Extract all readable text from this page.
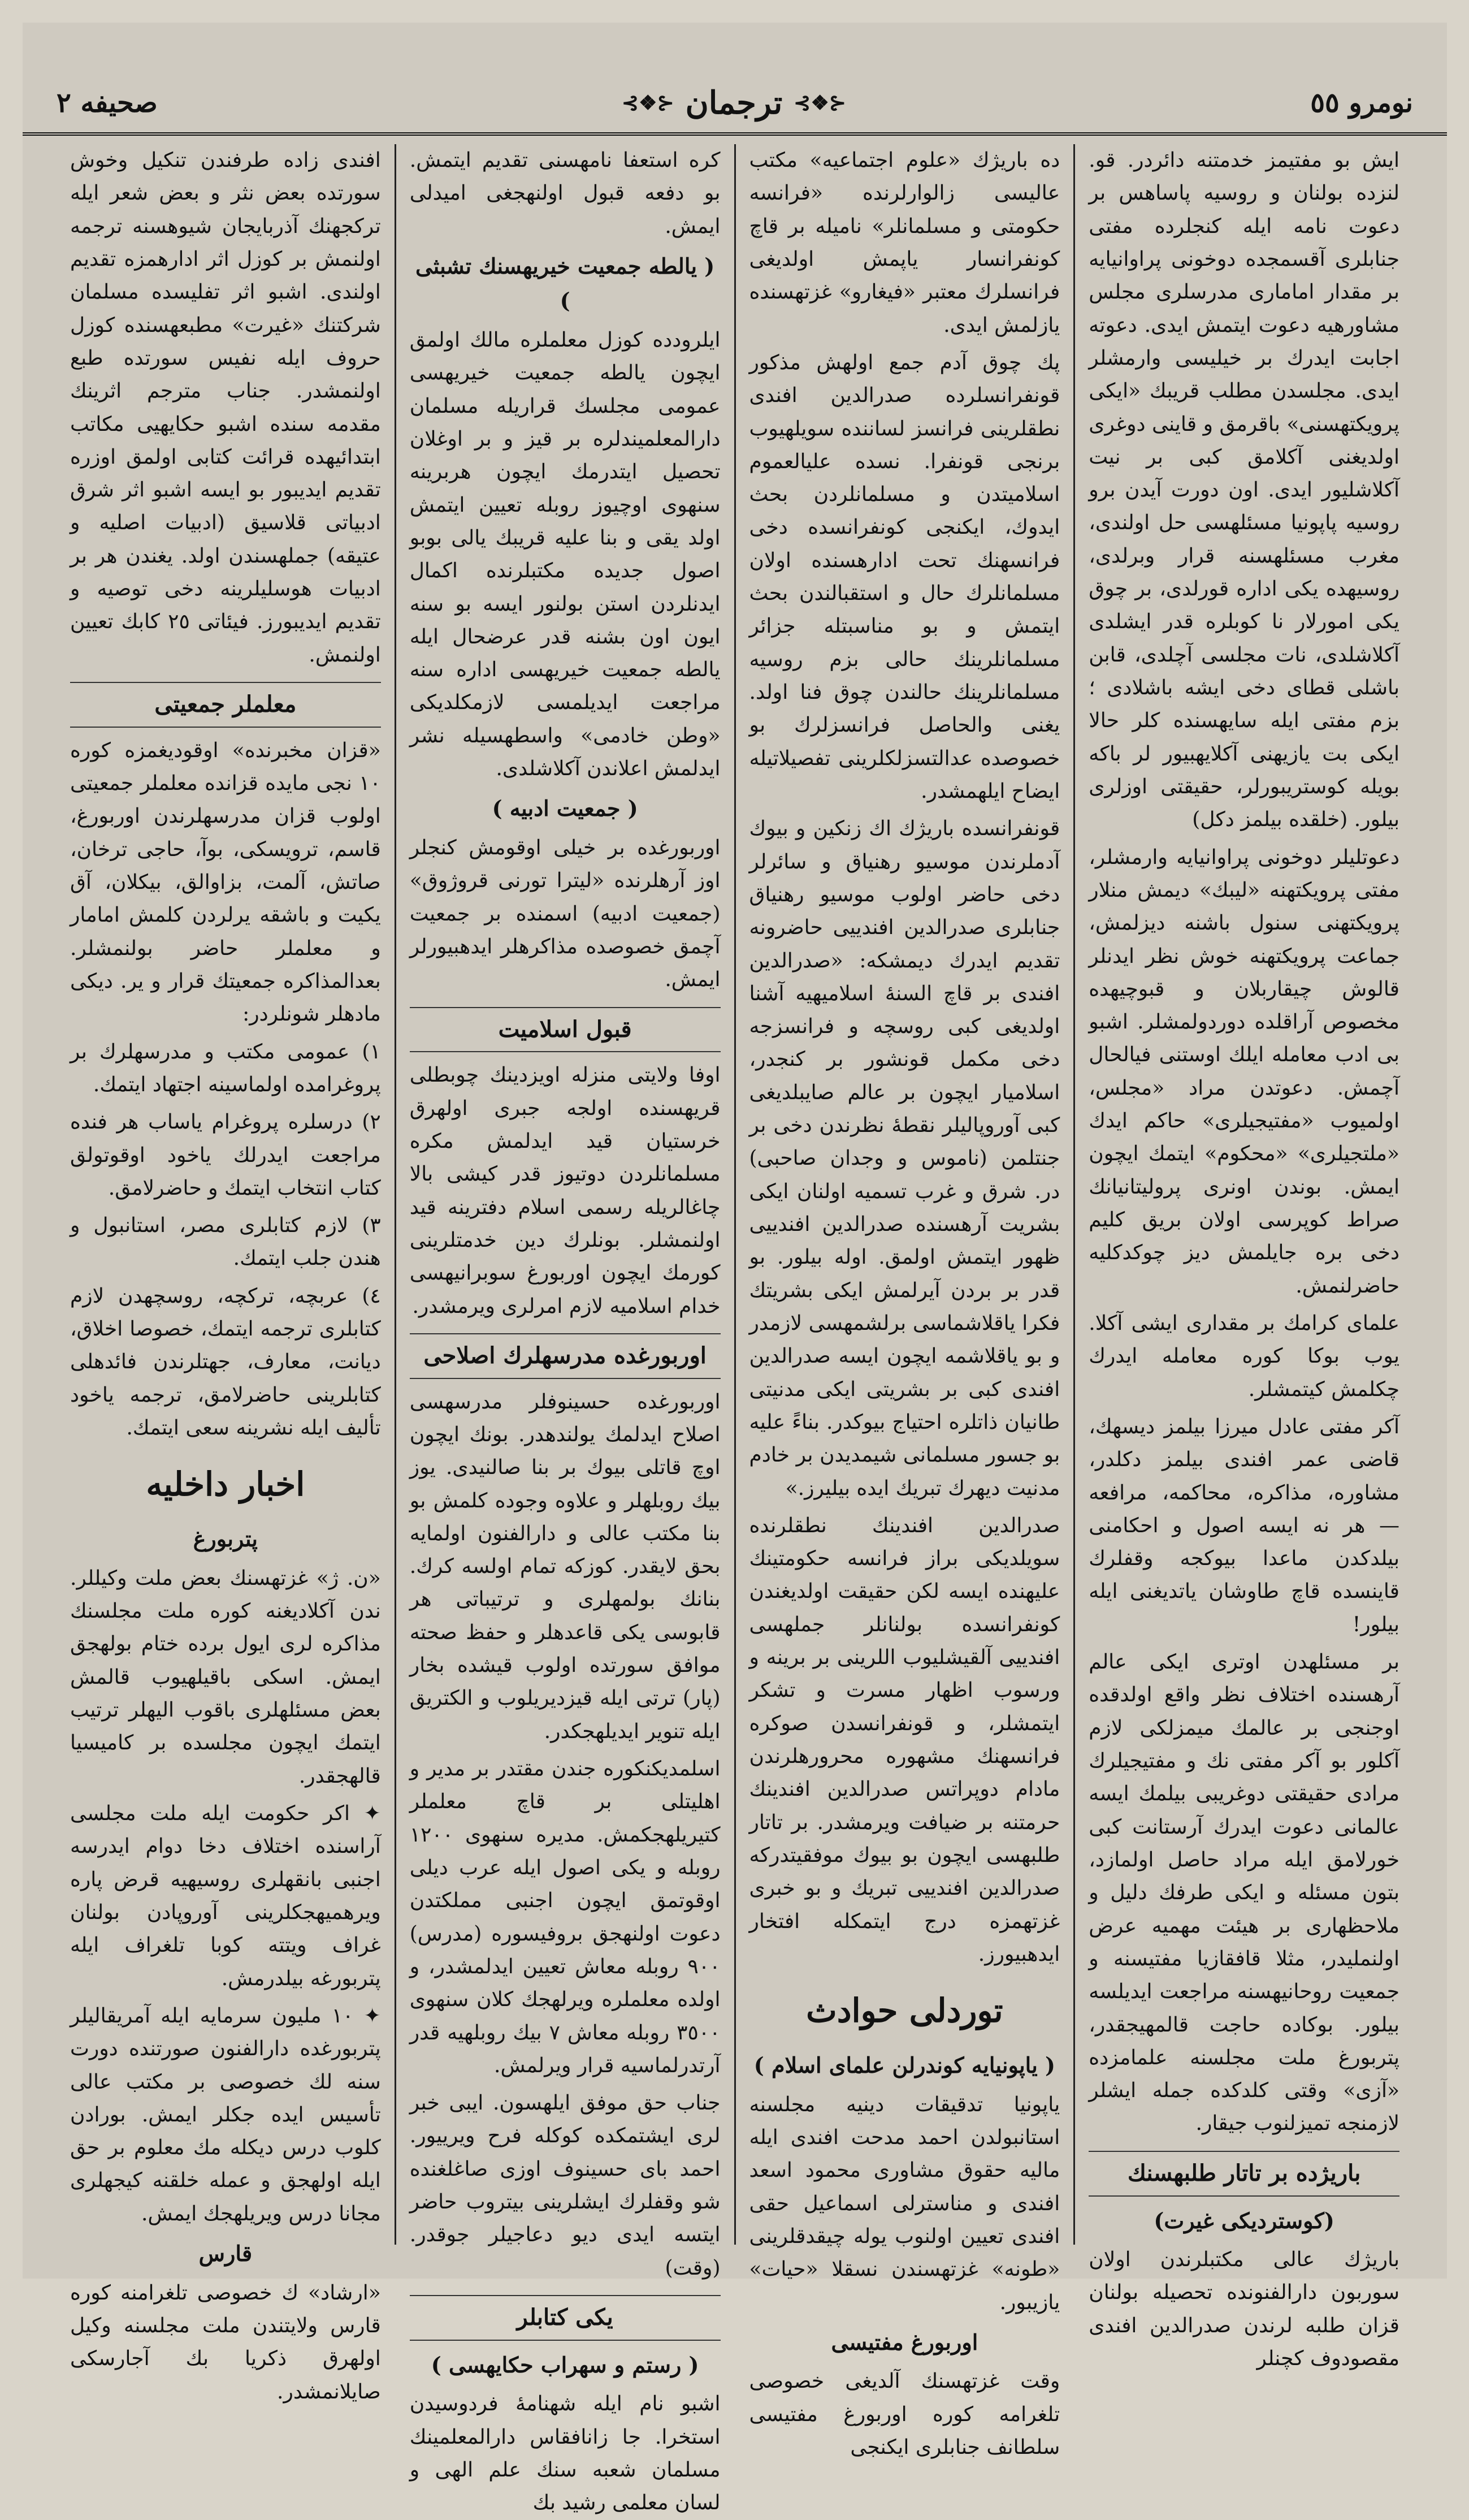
صحیفه ٢	⊰❖⊱
ترجمان
⊰❖⊱	نومرو ٥٥

ایش بو مفتیمز خدمتنه دائردر. قو. لنزده بولنان و روسیه پاساهس بر دعوت نامه ایله کنجلرده مفتی جنابلری آقسمجده دوخونی پراوانیایه بر مقدار امامارى مدرسلرى مجلس مشاورهیه دعوت ایتمش ایدی. دعوته اجابت ایدرك بر خیلیسی وارمشلر ایدی. مجلسدن مطلب قریبك «ایکی پرویکتهسنی» باقرمق و قاینی دوغری اولدیغنی آکلامق کبی بر نیت آکلاشلیور ایدی. اون دورت آیدن برو روسیه پاپونیا مسئلهسی حل اولندی، مغرب مسئلهسنه قرار وبرلدی، روسیهده یکی اداره قورلدی، بر چوق یکی امورلار نا کوبلره قدر ایشلدی آکلاشلدی، نات مجلسی آچلدی، قابن باشلی قطای دخی ایشه باشلادی ؛ بزم مفتی ایله سایهسنده کلر حالا ایکی بت یازیهنی آکلایهبیور لر باکه بویله کوستریبورلر، حقیقتی اوزلری بیلور. (خلقده بیلمز دکل)

دعوتلیلر دوخونی پراوانیایه وارمشلر، مفتی پرویکتهنه «لیبك» دیمش منلار پرویکتهنی سنول باشنه دیزلمش، جماعت پرویکتهنه خوش نظر ایدنلر قالوش چیقاربلان و قبوچیهده مخصوص آراقلده دوردولمشلر. اشبو بی ادب معامله ایلك اوستنی فیالحال آچمش. دعوتدن مراد «مجلس، اولمیوب «مفتیجیلری» حاکم ایدك «ملتجیلری» «محکوم» ایتمك ایچون ایمش. بوندن اونری پرولیتانیانك صراط کوپرسی اولان بریق کلیم دخی بره جایلمش دیز چوکدکلیه حاضرلنمش.

علمای کرامك بر مقداری ایشی آکلا. یوب بوکا کوره معامله ایدرك چکلمش کیتمشلر.

آکر مفتی عادل میرزا بیلمز دیسهك، قاضی عمر افندی بیلمز دکلدر، مشاوره، مذاکره، محاکمه، مرافعه — هر نه ایسه اصول و احکامنی بیلدکدن ماعدا بیوکجه وقفلرك قاینسده قاچ طاوشان یاتدیغنی ایله بیلور!

بر مسئلهدن اوتری ایکی عالم آرهسنده اختلاف نظر واقع اولدقده اوجنجی بر عالمك میمزلکی لازم آکلور بو آکر مفتی نك و مفتیجیلرك مرادی حقیقتی دوغریبی بیلمك ایسه عالمانی دعوت ایدرك آرستانت کبی خورلامق ایله مراد حاصل اولمازد، بتون مسئله و ایکی طرفك دلیل و ملاحظهاری بر هیئت مهمیه عرض اولنملیدر، مثلا قافقازیا مفتیسنه و جمعیت روحانیهسنه مراجعت ایدیلسه بیلور. بوکاده حاجت قالمهیجقدر، پتربورغ ملت مجلسنه علمامزده «آزی» وقتی کلدکده جمله ایشلر لازمنجه تمیزلنوب جیقار.

باریژده بر تاتار طلبهسنك
(کوستردیکی غیرت)

باریژك عالی مکتبلرندن اولان سوربون دارالفنونده تحصیله بولنان قزان طلبه لرندن صدرالدین افندی مقصودوف کچنلر

ده باریژك «علوم اجتماعیه» مکتب عالیسی زالوارلرنده «فرانسه حکومتی و مسلمانلر» نامیله بر قاچ کونفرانسار یاپمش اولدیغی فرانسلرك معتبر «فیغارو» غزتهسنده یازلمش ایدی.

پك چوق آدم جمع اولهش مذکور قونفرانسلرده صدرالدین افندی نطقلرینی فرانسز لساننده سویلهیوب برنجی قونفرا. نسده علیالعموم اسلامیتدن و مسلمانلردن بحث ایدوك، ایکنجی کونفرانسده دخی فرانسهنك تحت ادارهسنده اولان مسلمانلرك حال و استقبالندن بحث ایتمش و بو مناسبتله جزائر مسلمانلرینك حالی بزم روسیه مسلمانلرینك حالندن چوق فنا اولد. یغنی والحاصل فرانسزلرك بو خصوصده عدالتسزلکلرینی تفصیلاتیله ایضاح ایلهمشدر.

قونفرانسده باریژك اك زنکین و بیوك آدملرندن موسیو رهنیاق و سائرلر دخی حاضر اولوب موسیو رهنیاق جنابلری صدرالدین افندییی حاضرونه تقدیم ایدرك دیمشکه: «صدرالدین افندی بر قاچ السنهٔ اسلامیهیه آشنا اولدیغی کبی روسچه و فرانسزجه دخی مکمل قونشور بر کنجدر، اسلامیار ایچون بر عالم صایبلدیغی کبی آوروپالیلر نقطهٔ نظرندن دخی بر جنتلمن (ناموس و وجدان صاحبی) در. شرق و غرب تسمیه اولنان ایکی بشریت آرهسنده صدرالدین افندییی ظهور ایتمش اولمق. اوله بیلور. بو قدر بر بردن آیرلمش ایکی بشریتك فکرا یاقلاشماسی برلشمهسی لازمدر و بو یاقلاشمه ایچون ایسه صدرالدین افندی کبی بر بشریتی ایکی مدنیتی طانیان ذاتلره احتیاج بیوکدر. بناءً علیه بو جسور مسلمانی شیمدیدن بر خادم مدنیت دیهرك تبریك ایده بیلیرز.»

صدرالدین افندینك نطقلرنده سویلدیکی براز فرانسه حکومتینك علیهنده ایسه لکن حقیقت اولدیغندن کونفرانسده بولنانلر جملهسی افندییی آلقیشلیوب اللرینی بر برینه و ورسوب اظهار مسرت و تشکر ایتمشلر، و قونفرانسدن صوکره فرانسهنك مشهوره محرورهلرندن مادام دوپراتس صدرالدین افندینك حرمتنه بر ضیافت ویرمشدر. بر تاتار طلبهسی ایچون بو بیوك موفقیتدرکه صدرالدین افندییی تبریك و بو خبری غزتهمزه درج ایتمکله افتخار ایدهبیورز.

توردلی حوادث
( یاپونیایه کوندرلن علمای اسلام )

یاپونیا تدقیقات دینیه مجلسنه استانبولدن احمد مدحت افندی ایله مالیه حقوق مشاوری محمود اسعد افندی و مناسترلی اسماعیل حقی افندی تعیین اولنوب یوله چیقدقلرینی «طونه» غزتهسندن نسقلا «حیات» یازیبور.

اوربورغ مفتیسی

وقت غزتهسنك آلدیغی خصوصی تلغرامه کوره اوربورغ مفتیسی سلطانف جنابلری ایکنجی

کره استعفا نامهسنی تقدیم ایتمش. بو دفعه قبول اولنهجغی امیدلی ایمش.

( یالطه جمعیت خیریهسنك تشبثی )

ایلرودده کوزل معلملره مالك اولمق ایچون یالطه جمعیت خیریهسی عمومی مجلسك قراریله مسلمان دارالمعلمیندلره بر قیز و بر اوغلان تحصیل ایتدرمك ایچون هربرینه سنهوی اوچیوز روبله تعیین ایتمش اولد یقی و بنا علیه قریبك یالی بوبو اصول جدیده مکتبلرنده اکمال ایدنلردن استن بولنور ایسه بو سنه ایون اون بشنه قدر عرضحال ایله یالطه جمعیت خیریهسی اداره سنه مراجعت ایدیلمسی لازمکلدیکی «وطن خادمی» واسطهسیله نشر ایدلمش اعلاندن آکلاشلدی.

( جمعیت ادبیه )

اوربورغده بر خیلی اوقومش کنجلر اوز آرهلرنده «لیترا تورنی قروژوق» (جمعیت ادبیه) اسمنده بر جمعیت آچمق خصوصده مذاکرهلر ایدهبیورلر ایمش.

قبول اسلامیت

اوفا ولایتی منزله اویزدینك چوبطلی قریهسنده اولجه جبری اولهرق خرستیان قید ایدلمش مکره مسلمانلردن دوتیوز قدر کیشی بالا چاغالریله رسمی اسلام دفترینه قید اولنمشلر. بونلرك دین خدمتلرینی کورمك ایچون اوربورغ سوبرانیهسی خدام اسلامیه لازم امرلری ویرمشدر.

اوربورغده مدرسهلرك اصلاحی

اوربورغده حسینوفلر مدرسهسی اصلاح ایدلمك یولندهدر. بونك ایچون اوچ قاتلی بیوك بر بنا صالنیدی. یوز بیك روبلهلر و علاوه وجوده کلمش بو بنا مکتب عالی و دارالفنون اولمایه بحق لایقدر. کوزکه تمام اولسه کرك. بنانك بولمهلری و ترتیباتی هر قابوسی یکی قاعدهلر و حفظ صحته موافق سورتده اولوب قیشده بخار (پار) ترتی ایله قیزدیریلوب و الکتریق ایله تنویر ایدیلهجکدر.

اسلمدیکنکوره جندن مقتدر بر مدیر و اهلیتلی بر قاچ معلملر کتیریلهجکمش. مدیره سنهوی ١٢٠٠ روبله و یکی اصول ایله عرب دیلی اوقوتمق ایچون اجنبی مملکتدن دعوت اولنهجق بروفیسوره (مدرس) ٩٠٠ روبله معاش تعیین ایدلمشدر، و اولده معلملره ویرلهجك کلان سنهوی ٣٥٠٠ روبله معاش ٧ بیك روبلهیه قدر آرتدرلماسیه قرار ویرلمش.

جناب حق موفق ایلهسون. ایبی خبر لری ایشتمکده کوکله فرح ویرییور. احمد بای حسینوف اوزی صاغلغنده شو وقفلرك ایشلرینی بیتروب حاضر ایتسه ایدی دیو دعاجیلر جوقدر. (وقت)

یکی کتابلر
( رستم و سهراب حکایهسی )

اشبو نام ایله شهنامهٔ فردوسیدن استخرا. جا زانافقاس دارالمعلمینك مسلمان شعبه سنك علم الهی و لسان معلمی رشید بك

افندی زاده طرفندن تنکیل وخوش سورتده بعض نثر و بعض شعر ایله ترکجهنك آذربایجان شیوهسنه ترجمه اولنمش بر کوزل اثر ادارهمزه تقدیم اولندی. اشبو اثر تفلیسده مسلمان شرکتنك «غیرت» مطبعهسنده کوزل حروف ایله نفیس سورتده طبع اولنمشدر. جناب مترجم اثرینك مقدمه سنده اشبو حکایهیی مکاتب ابتدائیهده قرائت کتابی اولمق اوزره تقدیم ایدیبور بو ایسه اشبو اثر شرق ادبیاتی قلاسیق (ادبیات اصلیه و عتیقه) جملهسندن اولد. یغندن هر بر ادبیات هوسلیلرینه دخی توصیه و تقدیم ایدیبورز. فیئاتی ٢٥ کابك تعیین اولنمش.

معلملر جمعیتی

«قزان مخبرنده» اوقودیغمزه کوره ١٠ نجی مایده قزانده معلملر جمعیتی اولوب قزان مدرسهلرندن اوربورغ، قاسم، ترویسکی، بوآ، حاجی ترخان، صاتش، آلمت، بزاوالق، بیکلان، آق یکیت و باشقه یرلردن کلمش امامار و معلملر حاضر بولنمشلر. بعدالمذاکره جمعیتك قرار و ير. دیکی مادهلر شونلردر:

١) عمومی مکتب و مدرسهلرك بر پروغرامده اولماسینه اجتهاد ایتمك.

٢) درسلره پروغرام یاساب هر فنده مراجعت ایدرلك یاخود اوقوتولق کتاب انتخاب ایتمك و حاضرلامق.

٣) لازم کتابلری مصر، استانبول و هندن جلب ایتمك.

٤) عربچه، ترکچه، روسچهدن لازم کتابلری ترجمه ایتمك، خصوصا اخلاق، دیانت، معارف، جهتلرندن فائدهلی کتابلرینی حاضرلامق، ترجمه یاخود تألیف ایله نشرینه سعی ایتمك.

اخبار داخلیه
پتربورغ

«ن. ژ» غزتهسنك بعض ملت وکیللر. ندن آکلادیغنه کوره ملت مجلسنك مذاکره لری ایول برده ختام بولهجق ایمش. اسکی باقیلهیوب قالمش بعض مسئلهلری باقوب الیهلر ترتیب ایتمك ایچون مجلسده بر کامیسیا قالهجقدر.

✦ اکر حکومت ایله ملت مجلسی آراسنده اختلاف دخا دوام ایدرسه اجنبی بانقهلری روسیهیه قرض پاره ویرهمیهجکلرینی آوروپادن بولنان غراف ویتته کوبا تلغراف ایله پتربورغه بیلدرمش.

✦ ١٠ ملیون سرمایه ایله آمریقالیلر پتربورغده دارالفنون صورتنده دورت سنه لك خصوصی بر مکتب عالی تأسیس ایده جکلر ایمش. بورادن کلوب درس دیکله مك معلوم بر حق ایله اولهجق و عمله خلقنه کیجهلری مجانا درس ویریلهجك ایمش.

قارس

«ارشاد» ك خصوصی تلغرامنه کوره قارس ولایتندن ملت مجلسنه وکیل اولهرق ذکریا بك آجارسکی صایلانمشدر.
